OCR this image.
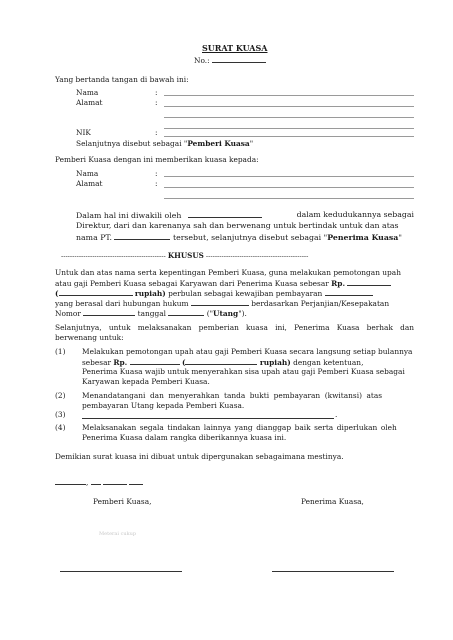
SURAT KUASA
No.:
Yang bertanda tangan di bawah ini:
Nama	:
Alamat	:
NIK	:
Selanjutnya disebut sebagai "Pemberi Kuasa"
Pemberi Kuasa dengan ini memberikan kuasa kepada:
Nama	:
Alamat	:
Dalam hal ini diwakili oleh	dalam kedudukannya sebagai
Direktur, dari dan karenanya sah dan berwenang untuk bertindak untuk dan atas
nama PT.	tersebut, selanjutnya disebut sebagai "Penerima Kuasa"
----------------------------------------------- KHUSUS ----------------------------------------------
Untuk dan atas nama serta kepentingan Pemberi Kuasa, guna melakukan pemotongan upah
atau gaji Pemberi Kuasa sebagai Karyawan dari Penerima Kuasa sebesar Rp.
(	rupiah) perbulan sebagai kewajiban pembayaran
yang berasal dari hubungan hukum	berdasarkan Perjanjian/Kesepakatan
Nomor	tanggal	("Utang").
Selanjutnya, untuk melaksanakan pemberian kuasa ini, Penerima Kuasa berhak dan berwenang untuk:
(1) Melakukan pemotongan upah atau gaji Pemberi Kuasa secara langsung setiap bulannya
sebesar Rp.	(	rupiah) dengan ketentuan,
Penerima Kuasa wajib untuk menyerahkan sisa upah atau gaji Pemberi Kuasa sebagai
Karyawan kepada Pemberi Kuasa.
(2) Menandatangani dan menyerahkan tanda bukti pembayaran (kwitansi) atas
pembayaran Utang kepada Pemberi Kuasa.
(3)	.
(4) Melaksanakan segala tindakan lainnya yang dianggap baik serta diperlukan oleh
Penerima Kuasa dalam rangka diberikannya kuasa ini.
Demikian surat kuasa ini dibuat untuk dipergunakan sebagaimana mestinya.
,
Pemberi Kuasa,	Penerima Kuasa,
Meterai cukup
